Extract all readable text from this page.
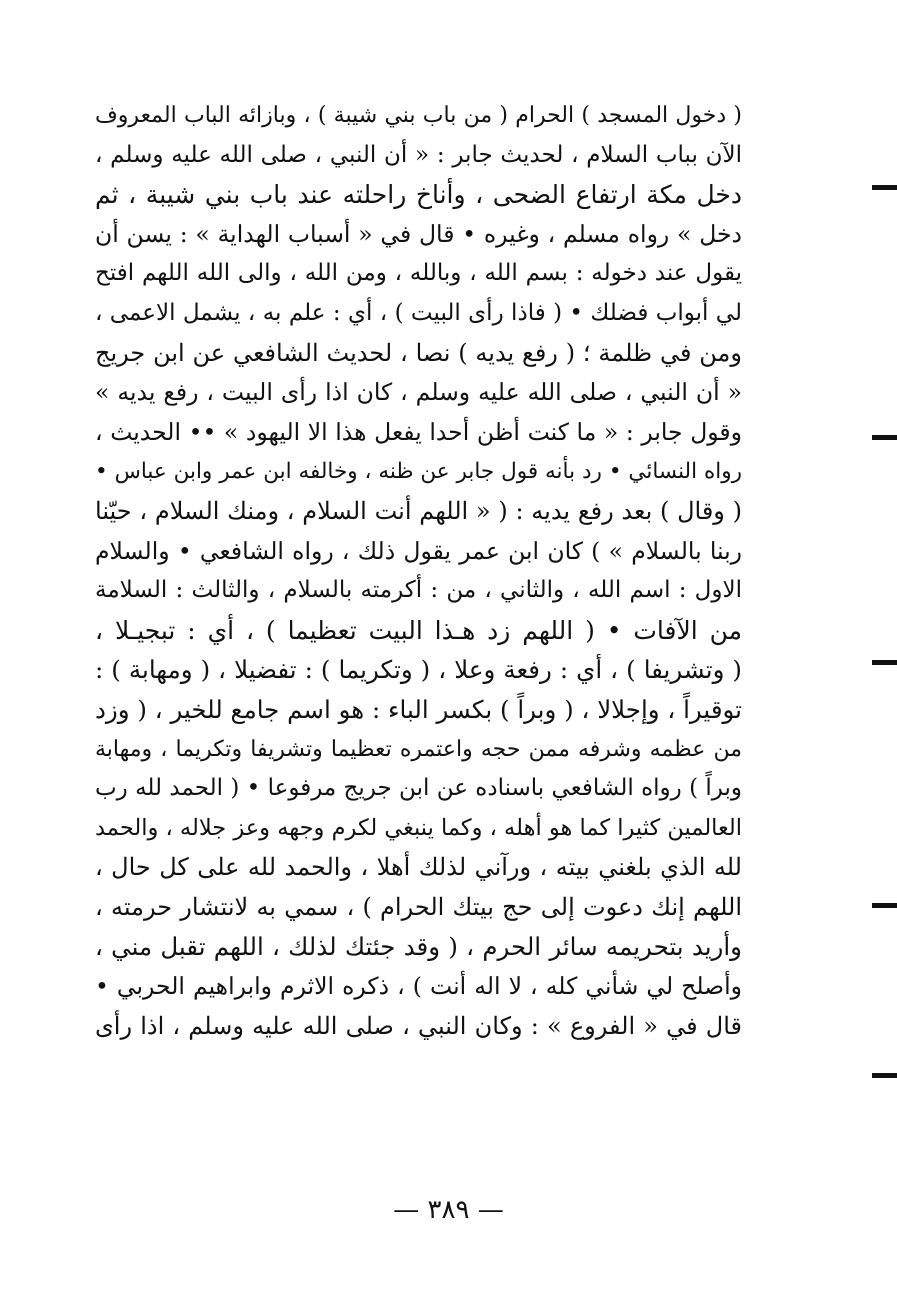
( دخول المسجد ) الحرام ( من باب بني شيبة ) ، وبازائه الباب المعروف
الآن بباب السلام ، لحديث جابر : « أن النبي ، صلى الله عليه وسلم ،
دخل مكة ارتفاع الضحى ، وأناخ راحلته عند باب بني شيبة ، ثم
دخل » رواه مسلم ، وغيره • قال في « أسباب الهداية » : يسن أن
يقول عند دخوله : بسم الله ، وبالله ، ومن الله ، والى الله اللهم افتح
لي أبواب فضلك • ( فاذا رأى البيت ) ، أي : علم به ، يشمل الاعمى ،
ومن في ظلمة ؛ ( رفع يديه ) نصا ، لحديث الشافعي عن ابن جريج
« أن النبي ، صلى الله عليه وسلم ، كان اذا رأى البيت ، رفع يديه »
وقول جابر : « ما كنت أظن أحدا يفعل هذا الا اليهود » •• الحديث ،
رواه النسائي • رد بأنه قول جابر عن ظنه ، وخالفه ابن عمر وابن عباس •
( وقال ) بعد رفع يديه : ( « اللهم أنت السلام ، ومنك السلام ، حيّنا
ربنا بالسلام » ) كان ابن عمر يقول ذلك ، رواه الشافعي • والسلام
الاول : اسم الله ، والثاني ، من : أكرمته بالسلام ، والثالث : السلامة
من الآفات • ( اللهم زد هـذا البيت تعظيما ) ، أي : تبجيـلا ،
( وتشريفا ) ، أي : رفعة وعلا ، ( وتكريما ) : تفضيلا ، ( ومهابة ) :
توقيراً ، وإجلالا ، ( وبراً ) بكسر الباء : هو اسم جامع للخير ، ( وزد
من عظمه وشرفه ممن حجه واعتمره تعظيما وتشريفا وتكريما ، ومهابة
وبراً ) رواه الشافعي باسناده عن ابن جريج مرفوعا • ( الحمد لله رب
العالمين كثيرا كما هو أهله ، وكما ينبغي لكرم وجهه وعز جلاله ، والحمد
لله الذي بلغني بيته ، ورآني لذلك أهلا ، والحمد لله على كل حال ،
اللهم إنك دعوت إلى حج بيتك الحرام ) ، سمي به لانتشار حرمته ،
وأريد بتحريمه سائر الحرم ، ( وقد جئتك لذلك ، اللهم تقبل مني ،
وأصلح لي شأني كله ، لا اله أنت ) ، ذكره الاثرم وابراهيم الحربي •
قال في « الفروع » : وكان النبي ، صلى الله عليه وسلم ، اذا رأى
— ٣٨٩ —
